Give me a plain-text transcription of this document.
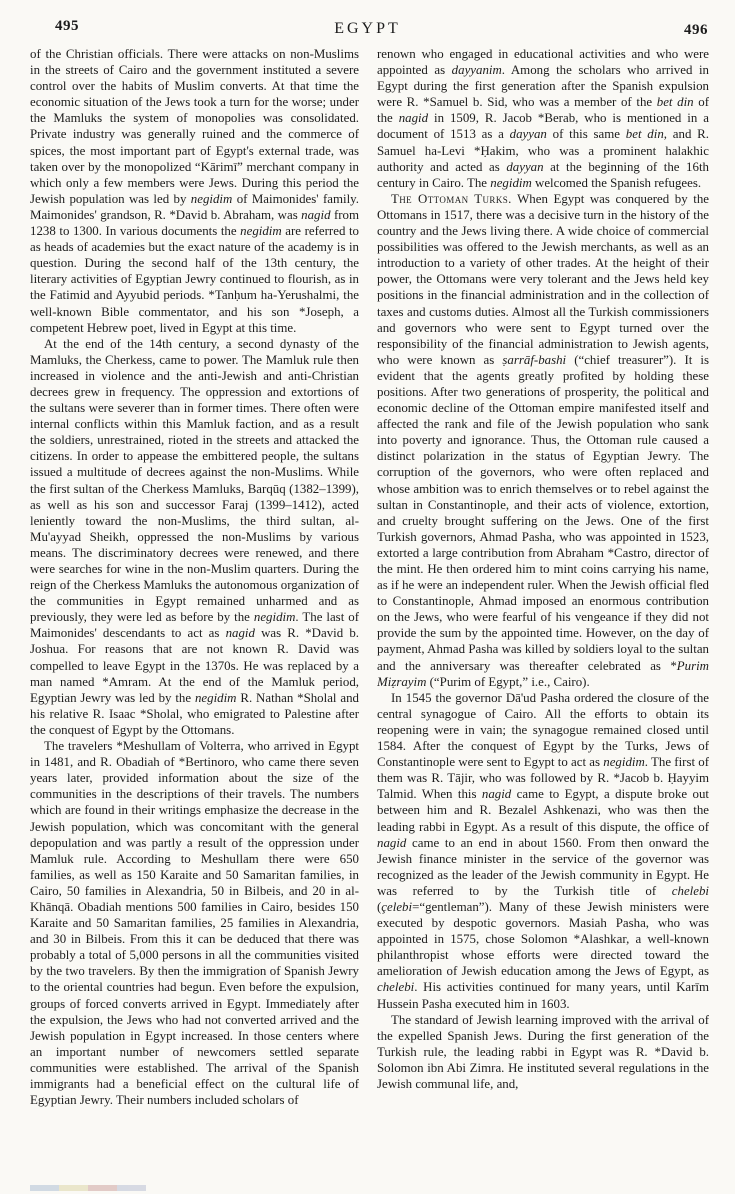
495	EGYPT	496

of the Christian officials. There were attacks on non-Muslims in the streets of Cairo and the government instituted a severe control over the habits of Muslim converts. At that time the economic situation of the Jews took a turn for the worse; under the Mamluks the system of monopolies was consolidated. Private industry was generally ruined and the commerce of spices, the most important part of Egypt's external trade, was taken over by the monopolized “Kārimī” merchant company in which only a few members were Jews. During this period the Jewish population was led by negidim of Maimonides' family. Maimonides' grandson, R. *David b. Abraham, was nagid from 1238 to 1300. In various documents the negidim are referred to as heads of academies but the exact nature of the academy is in question. During the second half of the 13th century, the literary activities of Egyptian Jewry continued to flourish, as in the Fatimid and Ayyubid periods. *Tanḥum ha-Yerushalmi, the well-known Bible commentator, and his son *Joseph, a competent Hebrew poet, lived in Egypt at this time.

At the end of the 14th century, a second dynasty of the Mamluks, the Cherkess, came to power. The Mamluk rule then increased in violence and the anti-Jewish and anti-Christian decrees grew in frequency. The oppression and extortions of the sultans were severer than in former times. There often were internal conflicts within this Mamluk faction, and as a result the soldiers, unrestrained, rioted in the streets and attacked the citizens. In order to appease the embittered people, the sultans issued a multitude of decrees against the non-Muslims. While the first sultan of the Cherkess Mamluks, Barqūq (1382–1399), as well as his son and successor Faraj (1399–1412), acted leniently toward the non-Muslims, the third sultan, al-Mu'ayyad Sheikh, oppressed the non-Muslims by various means. The discriminatory decrees were renewed, and there were searches for wine in the non-Muslim quarters. During the reign of the Cherkess Mamluks the autonomous organization of the communities in Egypt remained unharmed and as previously, they were led as before by the negidim. The last of Maimonides' descendants to act as nagid was R. *David b. Joshua. For reasons that are not known R. David was compelled to leave Egypt in the 1370s. He was replaced by a man named *Amram. At the end of the Mamluk period, Egyptian Jewry was led by the negidim R. Nathan *Sholal and his relative R. Isaac *Sholal, who emigrated to Palestine after the conquest of Egypt by the Ottomans.

The travelers *Meshullam of Volterra, who arrived in Egypt in 1481, and R. Obadiah of *Bertinoro, who came there seven years later, provided information about the size of the communities in the descriptions of their travels. The numbers which are found in their writings emphasize the decrease in the Jewish population, which was concomitant with the general depopulation and was partly a result of the oppression under Mamluk rule. According to Meshullam there were 650 families, as well as 150 Karaite and 50 Samaritan families, in Cairo, 50 families in Alexandria, 50 in Bilbeis, and 20 in al-Khānqā. Obadiah mentions 500 families in Cairo, besides 150 Karaite and 50 Samaritan families, 25 families in Alexandria, and 30 in Bilbeis. From this it can be deduced that there was probably a total of 5,000 persons in all the communities visited by the two travelers. By then the immigration of Spanish Jewry to the oriental countries had begun. Even before the expulsion, groups of forced converts arrived in Egypt. Immediately after the expulsion, the Jews who had not converted arrived and the Jewish population in Egypt increased. In those centers where an important number of newcomers settled separate communities were established. The arrival of the Spanish immigrants had a beneficial effect on the cultural life of Egyptian Jewry. Their numbers included scholars of

renown who engaged in educational activities and who were appointed as dayyanim. Among the scholars who arrived in Egypt during the first generation after the Spanish expulsion were R. *Samuel b. Sid, who was a member of the bet din of the nagid in 1509, R. Jacob *Berab, who is mentioned in a document of 1513 as a dayyan of this same bet din, and R. Samuel ha-Levi *Ḥakim, who was a prominent halakhic authority and acted as dayyan at the beginning of the 16th century in Cairo. The negidim welcomed the Spanish refugees.

The Ottoman Turks. When Egypt was conquered by the Ottomans in 1517, there was a decisive turn in the history of the country and the Jews living there. A wide choice of commercial possibilities was offered to the Jewish merchants, as well as an introduction to a variety of other trades. At the height of their power, the Ottomans were very tolerant and the Jews held key positions in the financial administration and in the collection of taxes and customs duties. Almost all the Turkish commissioners and governors who were sent to Egypt turned over the responsibility of the financial administration to Jewish agents, who were known as ṣarrāf-bashi (“chief treasurer”). It is evident that the agents greatly profited by holding these positions. After two generations of prosperity, the political and economic decline of the Ottoman empire manifested itself and affected the rank and file of the Jewish population who sank into poverty and ignorance. Thus, the Ottoman rule caused a distinct polarization in the status of Egyptian Jewry. The corruption of the governors, who were often replaced and whose ambition was to enrich themselves or to rebel against the sultan in Constantinople, and their acts of violence, extortion, and cruelty brought suffering on the Jews. One of the first Turkish governors, Ahmad Pasha, who was appointed in 1523, extorted a large contribution from Abraham *Castro, director of the mint. He then ordered him to mint coins carrying his name, as if he were an independent ruler. When the Jewish official fled to Constantinople, Ahmad imposed an enormous contribution on the Jews, who were fearful of his vengeance if they did not provide the sum by the appointed time. However, on the day of payment, Ahmad Pasha was killed by soldiers loyal to the sultan and the anniversary was thereafter celebrated as *Purim Miẓrayim (“Purim of Egypt,” i.e., Cairo).

In 1545 the governor Dā'ud Pasha ordered the closure of the central synagogue of Cairo. All the efforts to obtain its reopening were in vain; the synagogue remained closed until 1584. After the conquest of Egypt by the Turks, Jews of Constantinople were sent to Egypt to act as negidim. The first of them was R. Tājir, who was followed by R. *Jacob b. Ḥayyim Talmid. When this nagid came to Egypt, a dispute broke out between him and R. Bezalel Ashkenazi, who was then the leading rabbi in Egypt. As a result of this dispute, the office of nagid came to an end in about 1560. From then onward the Jewish finance minister in the service of the governor was recognized as the leader of the Jewish community in Egypt. He was referred to by the Turkish title of chelebi (çelebi=“gentleman”). Many of these Jewish ministers were executed by despotic governors. Masiah Pasha, who was appointed in 1575, chose Solomon *Alashkar, a well-known philanthropist whose efforts were directed toward the amelioration of Jewish education among the Jews of Egypt, as chelebi. His activities continued for many years, until Karīm Hussein Pasha executed him in 1603.

The standard of Jewish learning improved with the arrival of the expelled Spanish Jews. During the first generation of the Turkish rule, the leading rabbi in Egypt was R. *David b. Solomon ibn Abi Zimra. He instituted several regulations in the Jewish communal life, and,
